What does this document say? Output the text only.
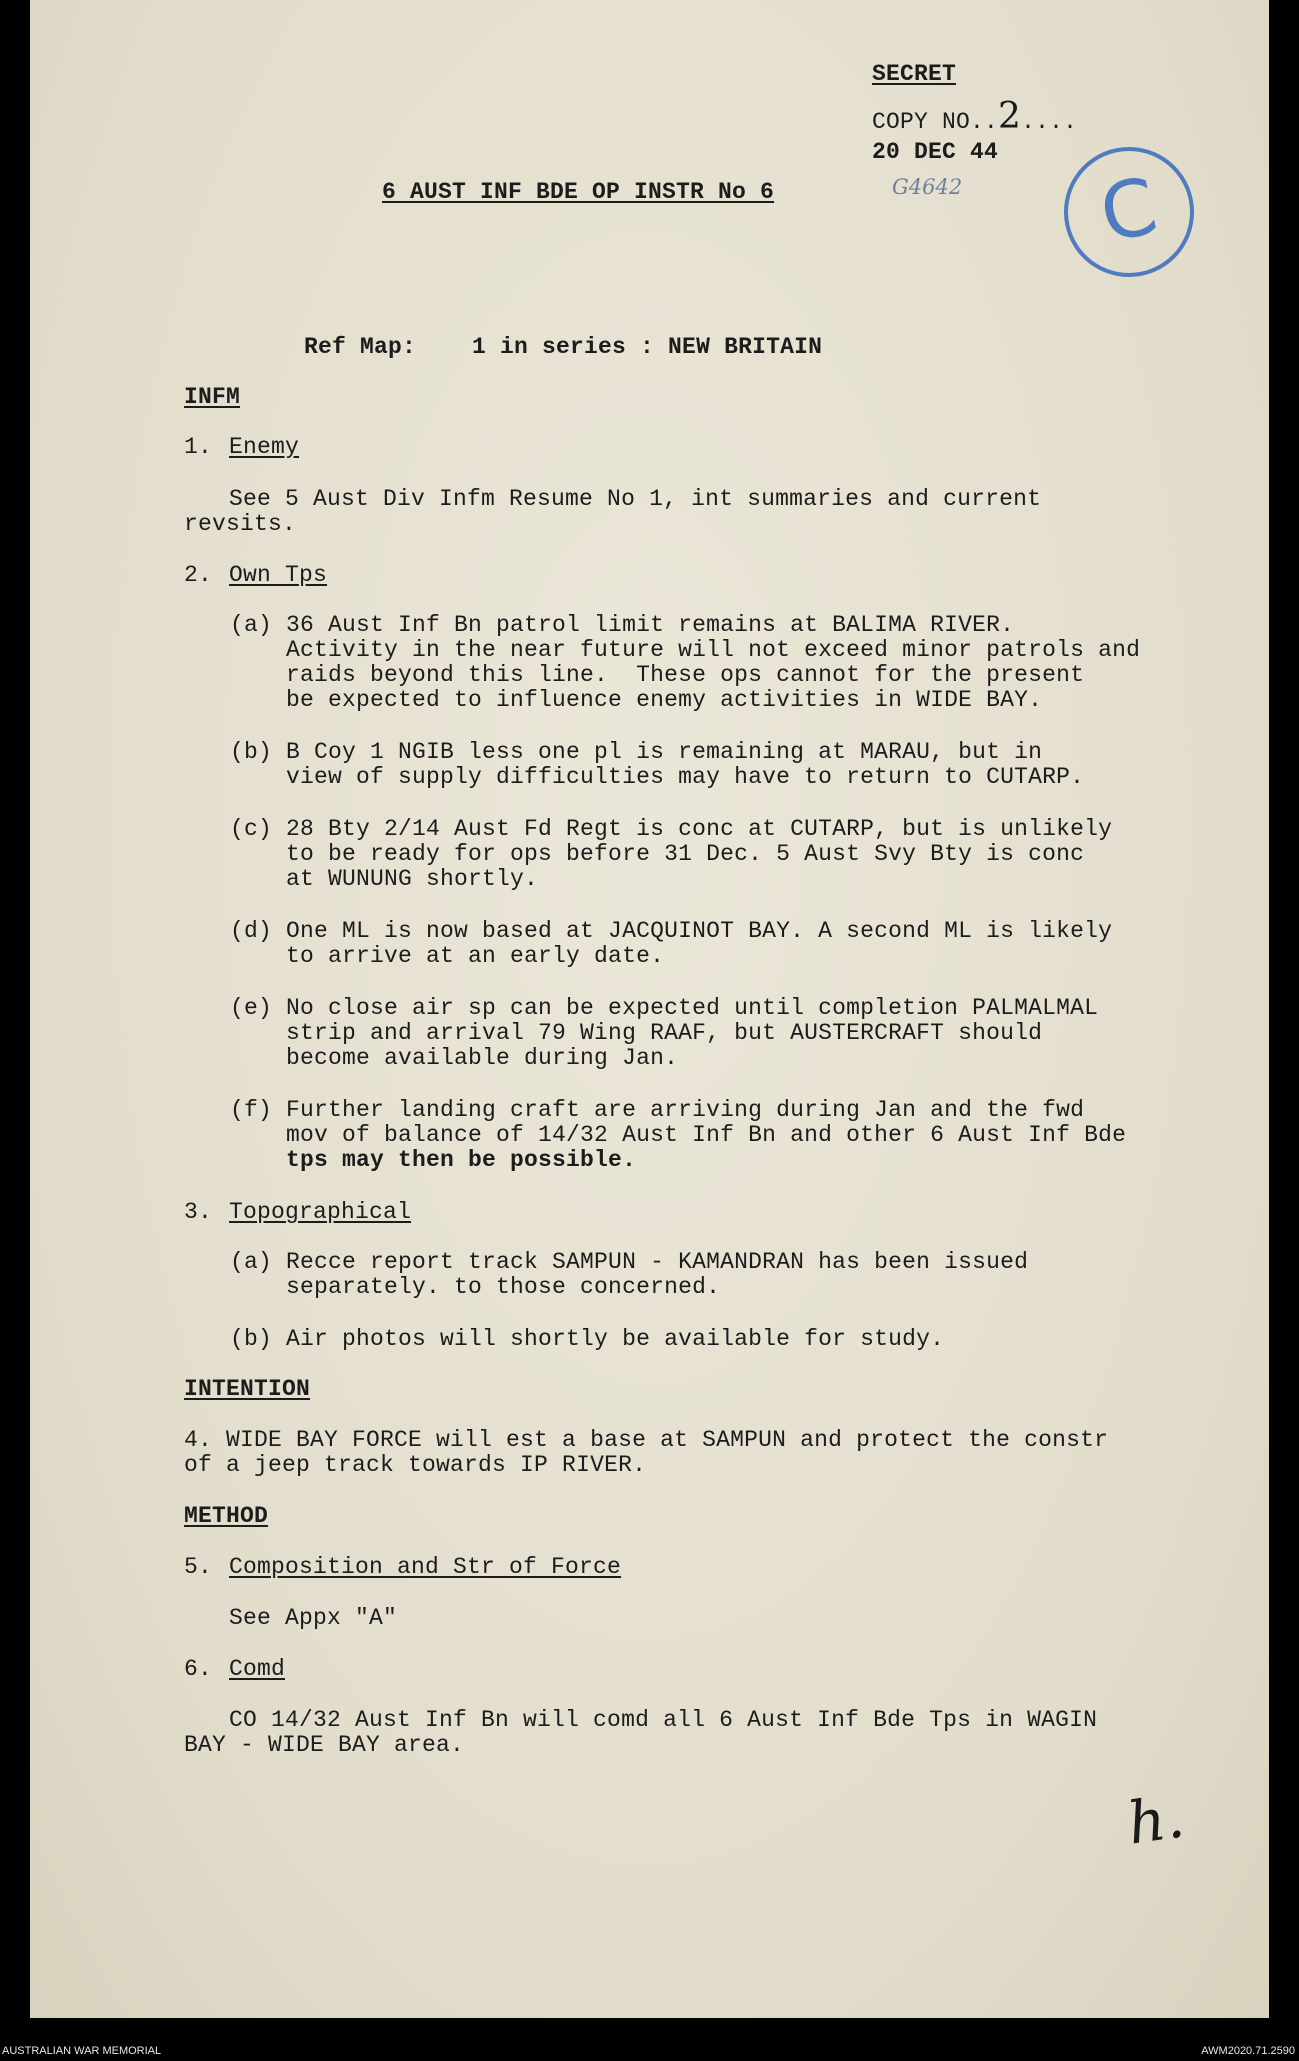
SECRET
COPY NO..2....
20 DEC 44
G4642	C
6 AUST INF BDE OP INSTR No 6
Ref Map:    1 in series : NEW BRITAIN
INFM
1. Enemy
See 5 Aust Div Infm Resume No 1, int summaries and current
revsits.
2. Own Tps
(a) 36 Aust Inf Bn patrol limit remains at BALIMA RIVER.
Activity in the near future will not exceed minor patrols and
raids beyond this line.  These ops cannot for the present
be expected to influence enemy activities in WIDE BAY.
(b) B Coy 1 NGIB less one pl is remaining at MARAU, but in
view of supply difficulties may have to return to CUTARP.
(c) 28 Bty 2/14 Aust Fd Regt is conc at CUTARP, but is unlikely
to be ready for ops before 31 Dec. 5 Aust Svy Bty is conc
at WUNUNG shortly.
(d) One ML is now based at JACQUINOT BAY. A second ML is likely
to arrive at an early date.
(e) No close air sp can be expected until completion PALMALMAL
strip and arrival 79 Wing RAAF, but AUSTERCRAFT should
become available during Jan.
(f) Further landing craft are arriving during Jan and the fwd
mov of balance of 14/32 Aust Inf Bn and other 6 Aust Inf Bde
tps may then be possible.
3. Topographical
(a) Recce report track SAMPUN - KAMANDRAN has been issued
separately. to those concerned.
(b) Air photos will shortly be available for study.
INTENTION
4. WIDE BAY FORCE will est a base at SAMPUN and protect the constr
of a jeep track towards IP RIVER.
METHOD
5. Composition and Str of Force
See Appx "A"
6. Comd
CO 14/32 Aust Inf Bn will comd all 6 Aust Inf Bde Tps in WAGIN
BAY - WIDE BAY area.
h.
AUSTRALIAN WAR MEMORIAL	AWM2020.71.2590
